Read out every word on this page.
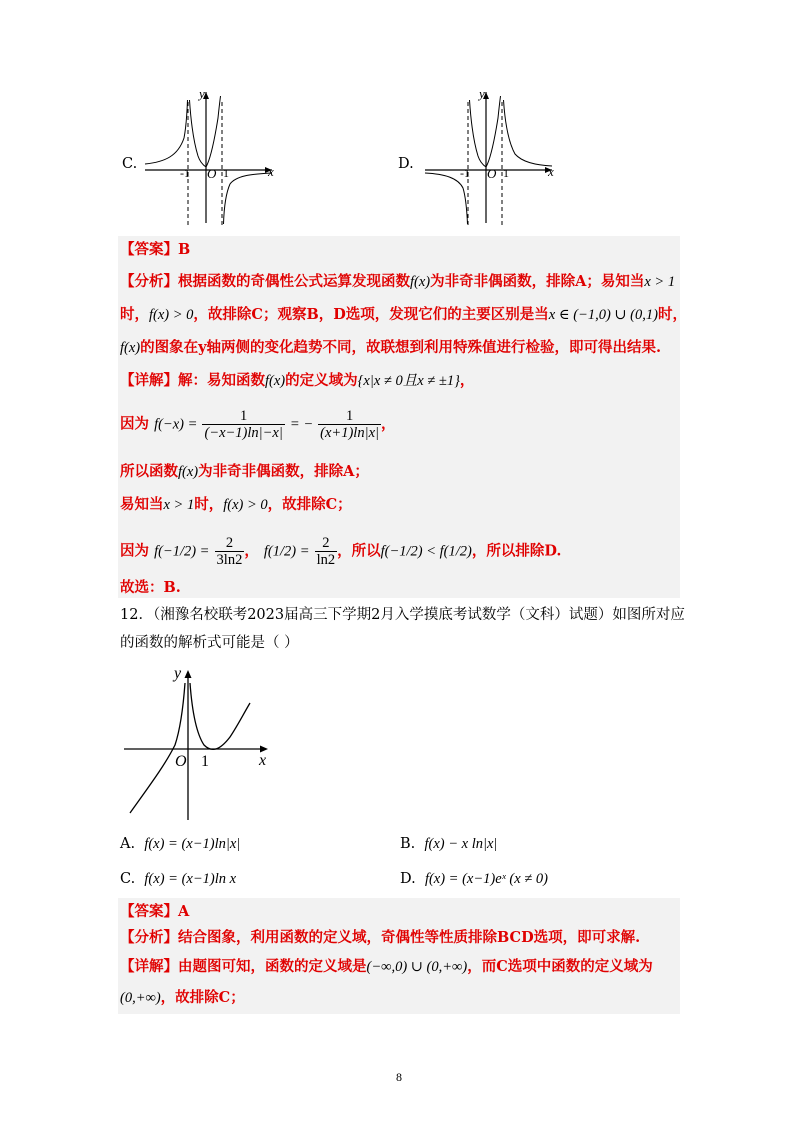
C.
y
x
O
-1	1
D.
y
x
O
-1	1
【答案】B
【分析】根据函数的奇偶性公式运算发现函数f(x)为非奇非偶函数，排除A；易知当x > 1
时，f(x) > 0，故排除C；观察B，D选项，发现它们的主要区别是当x ∈ (−1,0) ∪ (0,1)时，
f(x)的图象在y轴两侧的变化趋势不同，故联想到利用特殊值进行检验，即可得出结果.
【详解】解：易知函数f(x)的定义域为{x|x ≠ 0且x ≠ ±1}，
因为 $f(-x) = \frac{1}{(-x-1)\ln|-x|}$ = − $\frac{1}{(x+1)\ln|x|}$ ，
所以函数f(x)为非奇非偶函数，排除A；
易知当x > 1时，f(x) > 0，故排除C；
因为 $f(-1/2) = \frac{2}{3\ln 2}$ ， $f(1/2) = \frac{2}{\ln 2}$ ，所以f(−1/2) < f(1/2)，所以排除D.
故选：B.
12．（湘豫名校联考2023届高三下学期2月入学摸底考试数学（文科）试题）如图所对应
的函数的解析式可能是（ ）
y
x
O 1
A. f(x) = (x−1)ln|x|	B. f(x) − x ln|x|
C. f(x) = (x−1)ln x	D. f(x) = (x−1)eˣ (x ≠ 0)
【答案】A
【分析】结合图象，利用函数的定义域，奇偶性等性质排除BCD选项，即可求解.
【详解】由题图可知，函数的定义域是(−∞,0) ∪ (0,+∞)，而C选项中函数的定义域为
(0,+∞)，故排除C；
8
